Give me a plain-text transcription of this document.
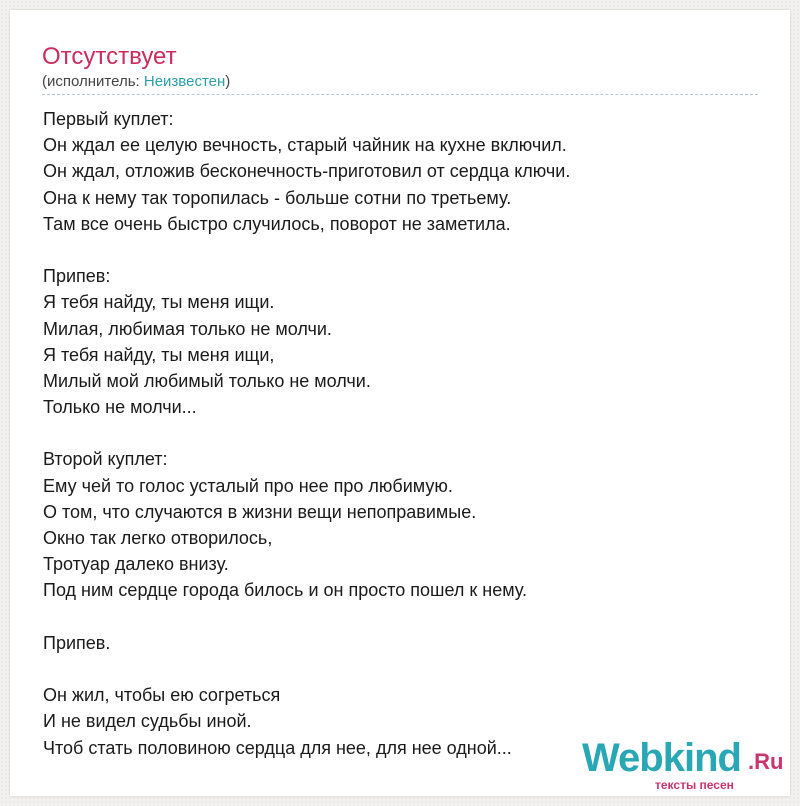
Отсутствует
(исполнитель: Неизвестен)
Первый куплет:
Он ждал ее целую вечность, старый чайник на кухне включил.
Он ждал, отложив бесконечность-приготовил от сердца ключи.
Она к нему так торопилась - больше сотни по третьему.
Там все очень быстро случилось, поворот не заметила.
Припев:
Я тебя найду, ты меня ищи.
Милая, любимая только не молчи.
Я тебя найду, ты меня ищи,
Милый мой любимый только не молчи.
Только не молчи...
Второй куплет:
Ему чей то голос усталый про нее про любимую.
О том, что случаются в жизни вещи непоправимые.
Окно так легко отворилось,
Тротуар далеко внизу.
Под ним сердце города билось и он просто пошел к нему.
Припев.
Он жил, чтобы ею согреться
И не видел судьбы иной.
Чтоб стать половиною сердца для нее, для нее одной...	Webkind .Ru
тексты песен
